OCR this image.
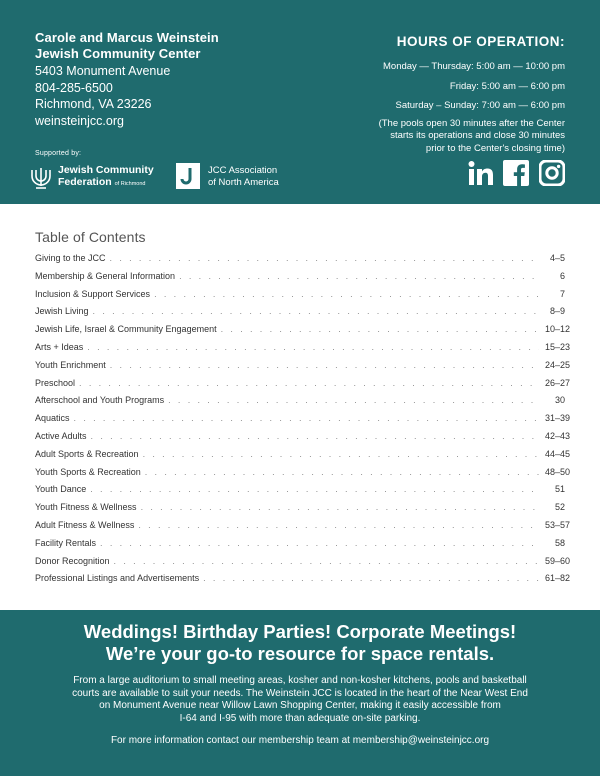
Carole and Marcus Weinstein
Jewish Community Center
5403 Monument Avenue
804-285-6500
Richmond, VA 23226
weinsteinjcc.org
Supported by:
Jewish Community
Federation of Richmond
JCC Association
of North America
HOURS OF OPERATION:
Monday — Thursday: 5:00 am — 10:00 pm
Friday: 5:00 am — 6:00 pm
Saturday – Sunday: 7:00 am — 6:00 pm
(The pools open 30 minutes after the Center
starts its operations and close 30 minutes
prior to the Center's closing time)
Table of Contents
Giving to the JCC . . .	4–5
Membership & General Information . . .	6
Inclusion & Support Services . . .	7
Jewish Living . . .	8–9
Jewish Life, Israel & Community Engagement . . .	10–12
Arts + Ideas . . .	15–23
Youth Enrichment . . .	24–25
Preschool . . .	26–27
Afterschool and Youth Programs . . .	30
Aquatics . . .	31–39
Active Adults . . .	42–43
Adult Sports & Recreation . . .	44–45
Youth Sports & Recreation . . .	48–50
Youth Dance . . .	51
Youth Fitness & Wellness . . .	52
Adult Fitness & Wellness . . .	53–57
Facility Rentals . . .	58
Donor Recognition . . .	59–60
Professional Listings and Advertisements . . .	61–82
Weddings! Birthday Parties! Corporate Meetings!
We’re your go-to resource for space rentals.
From a large auditorium to small meeting areas, kosher and non-kosher kitchens, pools and basketball
courts are available to suit your needs. The Weinstein JCC is located in the heart of the Near West End
on Monument Avenue near Willow Lawn Shopping Center, making it easily accessible from
I-64 and I-95 with more than adequate on-site parking.
For more information contact our membership team at membership@weinsteinjcc.org
